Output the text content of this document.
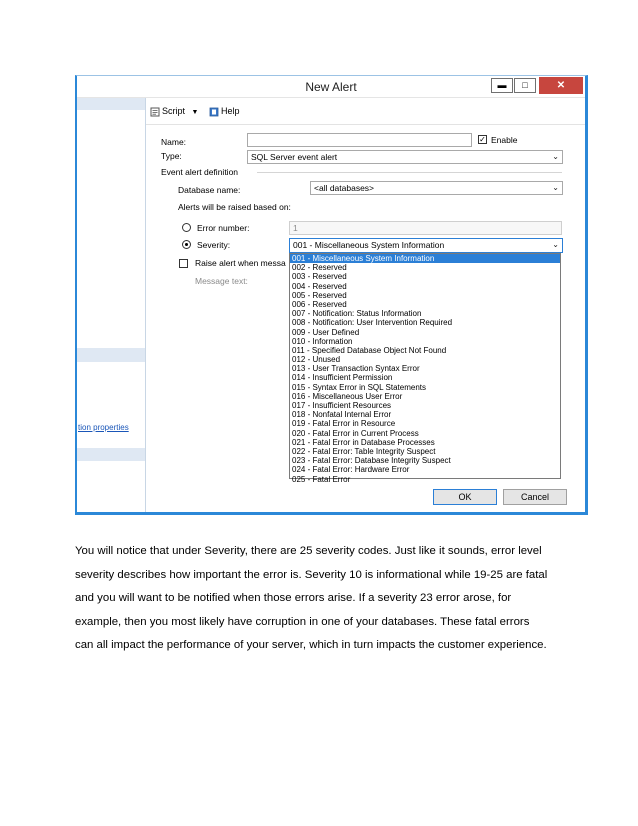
New Alert	▬	□	✕
tion properties
Script ▼	Help
Name:	✓ Enable
Type:	SQL Server event alert	⌄
Event alert definition
Database name:	<all databases>	⌄
Alerts will be raised based on:
Error number:	1
Severity:	001 - Miscellaneous System Information	⌄
Raise alert when messa
Message text:
001 - Miscellaneous System Information
002 - Reserved
003 - Reserved
004 - Reserved
005 - Reserved
006 - Reserved
007 - Notification: Status Information
008 - Notification: User Intervention Required
009 - User Defined
010 - Information
011 - Specified Database Object Not Found
012 - Unused
013 - User Transaction Syntax Error
014 - Insufficient Permission
015 - Syntax Error in SQL Statements
016 - Miscellaneous User Error
017 - Insufficient Resources
018 - Nonfatal Internal Error
019 - Fatal Error in Resource
020 - Fatal Error in Current Process
021 - Fatal Error in Database Processes
022 - Fatal Error: Table Integrity Suspect
023 - Fatal Error: Database Integrity Suspect
024 - Fatal Error: Hardware Error
025 - Fatal Error
OK	Cancel

You will notice that under Severity, there are 25 severity codes. Just like it sounds, error level

severity describes how important the error is. Severity 10 is informational while 19-25 are fatal

and you will want to be notified when those errors arise. If a severity 23 error arose, for

example, then you most likely have corruption in one of your databases. These fatal errors

can all impact the performance of your server, which in turn impacts the customer experience.
